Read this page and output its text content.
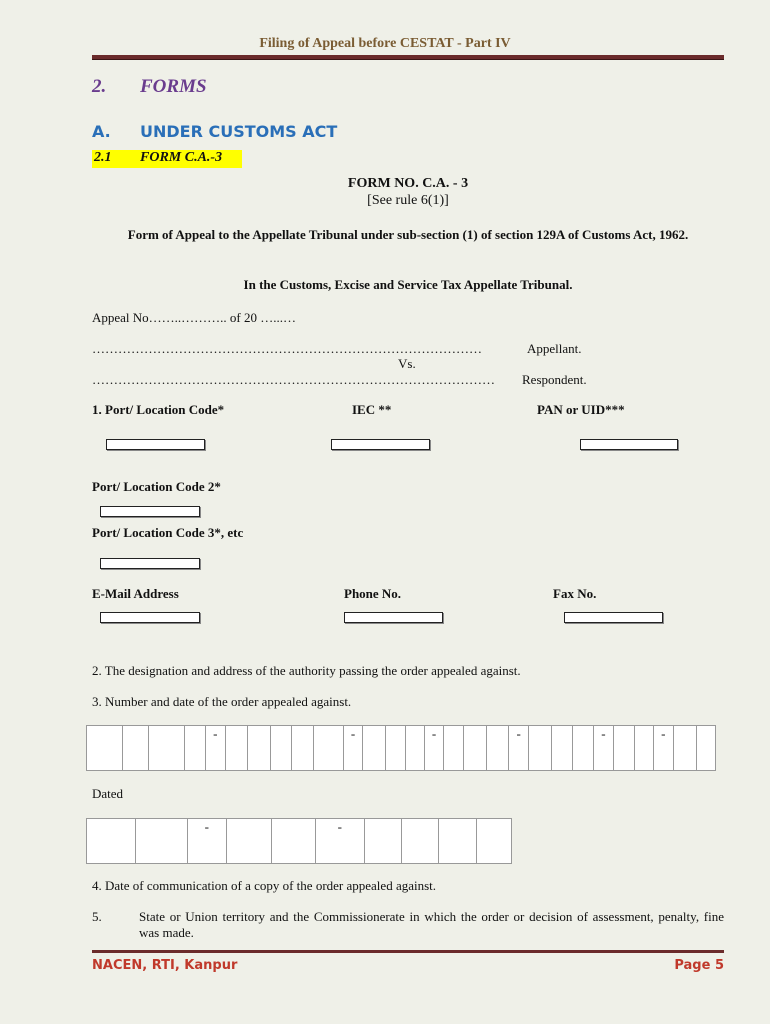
Filing of Appeal before CESTAT - Part IV
2. FORMS
A. UNDER CUSTOMS ACT
2.1 FORM C.A.-3
FORM NO. C.A. - 3
[See rule 6(1)]
Form of Appeal to the Appellate Tribunal under sub-section (1) of section 129A of Customs Act, 1962.
In the Customs, Excise and Service Tax Appellate Tribunal.
Appeal No……..……….. of 20 …...…
………………………………………………………………………………	Appellant.
Vs.
………………………………………………………………………………… Respondent.
1. Port/ Location Code*	IEC **	PAN or UID***
Port/ Location Code 2*
Port/ Location Code 3*, etc
E-Mail Address	Phone No.	Fax No.
2. The designation and address of the authority passing the order appealed against.
3. Number and date of the order appealed against.
				-						-				-				-				-			-		
Dated
		-			-				
4. Date of communication of a copy of the order appealed against.
5.	State or Union territory and the Commissionerate in which the order or decision of assessment, penalty, fine was made.
NACEN, RTI, Kanpur	Page 5
